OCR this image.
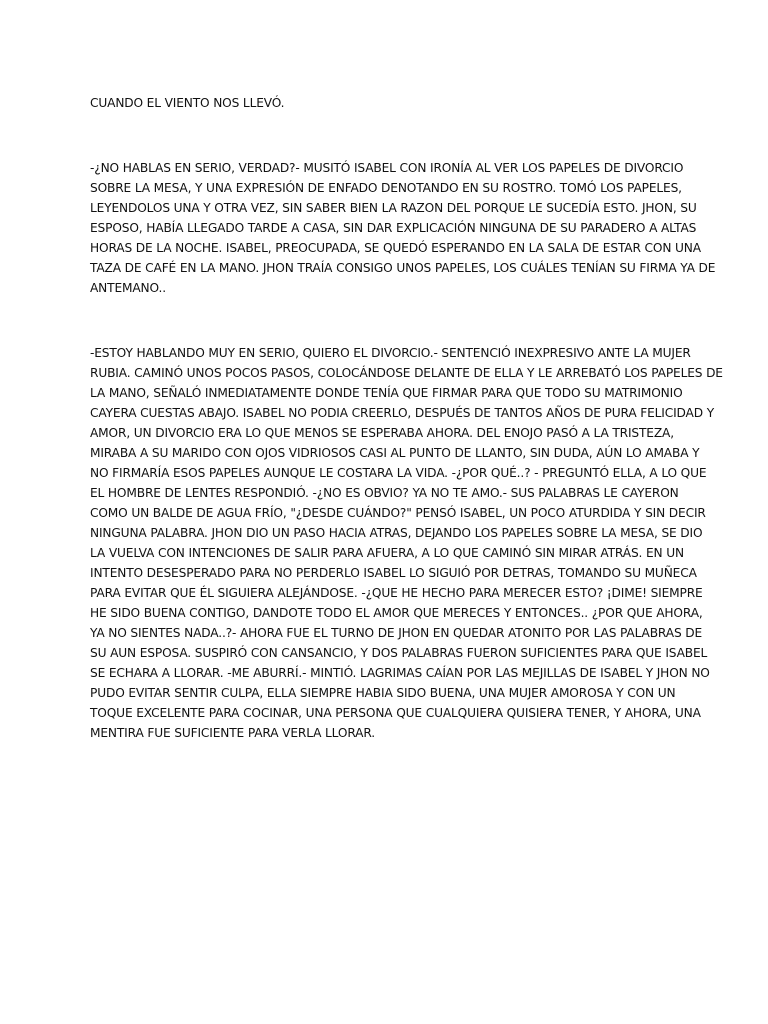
CUANDO EL VIENTO NOS LLEVÓ.

-¿NO HABLAS EN SERIO, VERDAD?- MUSITÓ ISABEL CON IRONÍA AL VER LOS PAPELES DE DIVORCIO
SOBRE LA MESA, Y UNA EXPRESIÓN DE ENFADO DENOTANDO EN SU ROSTRO. TOMÓ LOS PAPELES,
LEYENDOLOS UNA Y OTRA VEZ, SIN SABER BIEN LA RAZON DEL PORQUE LE SUCEDÍA ESTO. JHON, SU
ESPOSO, HABÍA LLEGADO TARDE A CASA, SIN DAR EXPLICACIÓN NINGUNA DE SU PARADERO A ALTAS
HORAS DE LA NOCHE. ISABEL, PREOCUPADA, SE QUEDÓ ESPERANDO EN LA SALA DE ESTAR CON UNA
TAZA DE CAFÉ EN LA MANO. JHON TRAÍA CONSIGO UNOS PAPELES, LOS CUÁLES TENÍAN SU FIRMA YA DE
ANTEMANO..

-ESTOY HABLANDO MUY EN SERIO, QUIERO EL DIVORCIO.- SENTENCIÓ INEXPRESIVO ANTE LA MUJER
RUBIA. CAMINÓ UNOS POCOS PASOS, COLOCÁNDOSE DELANTE DE ELLA Y LE ARREBATÓ LOS PAPELES DE
LA MANO, SEÑALÓ INMEDIATAMENTE DONDE TENÍA QUE FIRMAR PARA QUE TODO SU MATRIMONIO
CAYERA CUESTAS ABAJO. ISABEL NO PODIA CREERLO, DESPUÉS DE TANTOS AÑOS DE PURA FELICIDAD Y
AMOR, UN DIVORCIO ERA LO QUE MENOS SE ESPERABA AHORA. DEL ENOJO PASÓ A LA TRISTEZA,
MIRABA A SU MARIDO CON OJOS VIDRIOSOS CASI AL PUNTO DE LLANTO, SIN DUDA, AÚN LO AMABA Y
NO FIRMARÍA ESOS PAPELES AUNQUE LE COSTARA LA VIDA. -¿POR QUÉ..? - PREGUNTÓ ELLA, A LO QUE
EL HOMBRE DE LENTES RESPONDIÓ. -¿NO ES OBVIO? YA NO TE AMO.- SUS PALABRAS LE CAYERON
COMO UN BALDE DE AGUA FRÍO, "¿DESDE CUÁNDO?" PENSÓ ISABEL, UN POCO ATURDIDA Y SIN DECIR
NINGUNA PALABRA. JHON DIO UN PASO HACIA ATRAS, DEJANDO LOS PAPELES SOBRE LA MESA, SE DIO
LA VUELVA CON INTENCIONES DE SALIR PARA AFUERA, A LO QUE CAMINÓ SIN MIRAR ATRÁS. EN UN
INTENTO DESESPERADO PARA NO PERDERLO ISABEL LO SIGUIÓ POR DETRAS, TOMANDO SU MUÑECA
PARA EVITAR QUE ÉL SIGUIERA ALEJÁNDOSE. -¿QUE HE HECHO PARA MERECER ESTO? ¡DIME! SIEMPRE
HE SIDO BUENA CONTIGO, DANDOTE TODO EL AMOR QUE MERECES Y ENTONCES.. ¿POR QUE AHORA,
YA NO SIENTES NADA..?- AHORA FUE EL TURNO DE JHON EN QUEDAR ATONITO POR LAS PALABRAS DE
SU AUN ESPOSA. SUSPIRÓ CON CANSANCIO, Y DOS PALABRAS FUERON SUFICIENTES PARA QUE ISABEL
SE ECHARA A LLORAR. -ME ABURRÍ.- MINTIÓ. LAGRIMAS CAÍAN POR LAS MEJILLAS DE ISABEL Y JHON NO
PUDO EVITAR SENTIR CULPA, ELLA SIEMPRE HABIA SIDO BUENA, UNA MUJER AMOROSA Y CON UN
TOQUE EXCELENTE PARA COCINAR, UNA PERSONA QUE CUALQUIERA QUISIERA TENER, Y AHORA, UNA
MENTIRA FUE SUFICIENTE PARA VERLA LLORAR.
